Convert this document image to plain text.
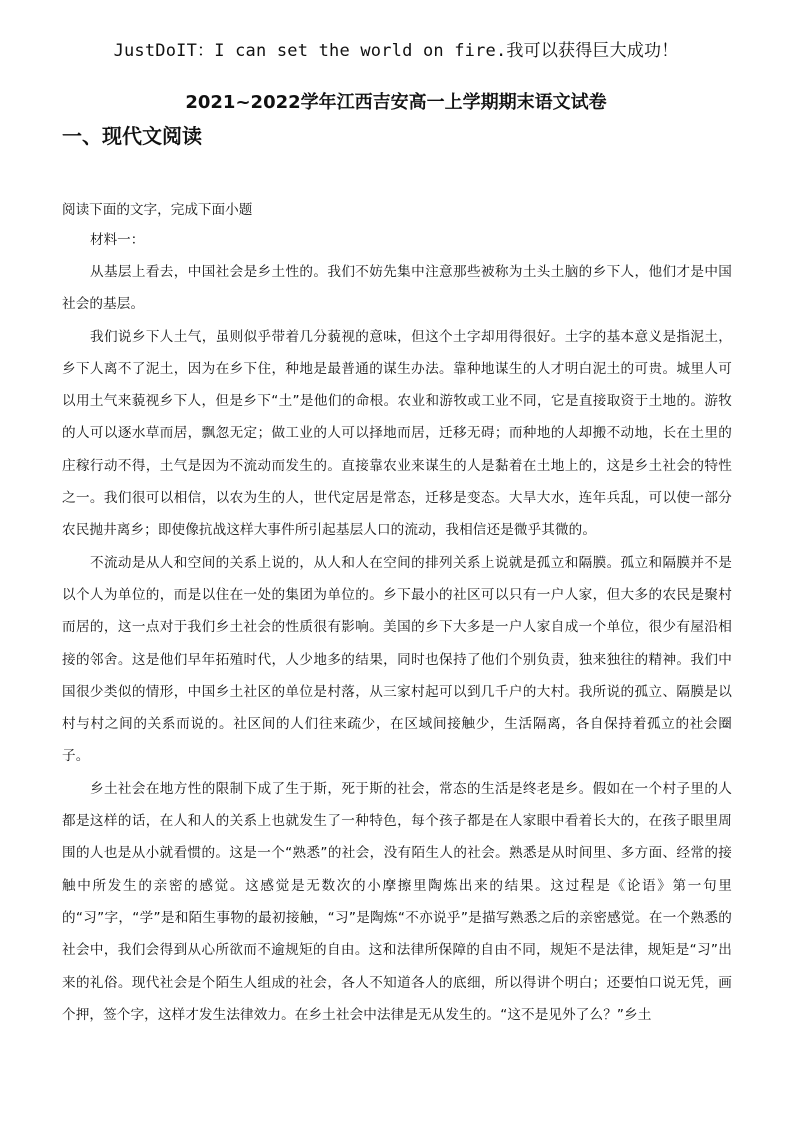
JustDoIT：I can set the world on fire.我可以获得巨大成功！
2021~2022学年江西吉安高一上学期期末语文试卷
一、现代文阅读

阅读下面的文字，完成下面小题

材料一：

从基层上看去，中国社会是乡土性的。我们不妨先集中注意那些被称为土头土脑的乡下人，他们才是中国社会的基层。

我们说乡下人土气，虽则似乎带着几分藐视的意味，但这个土字却用得很好。土字的基本意义是指泥土，乡下人离不了泥土，因为在乡下住，种地是最普通的谋生办法。靠种地谋生的人才明白泥土的可贵。城里人可以用土气来藐视乡下人，但是乡下“土”是他们的命根。农业和游牧或工业不同，它是直接取资于土地的。游牧的人可以逐水草而居，飘忽无定；做工业的人可以择地而居，迁移无碍；而种地的人却搬不动地，长在土里的庄稼行动不得，土气是因为不流动而发生的。直接靠农业来谋生的人是黏着在土地上的，这是乡土社会的特性之一。我们很可以相信，以农为生的人，世代定居是常态，迁移是变态。大旱大水，连年兵乱，可以使一部分农民抛井离乡；即使像抗战这样大事件所引起基层人口的流动，我相信还是微乎其微的。

不流动是从人和空间的关系上说的，从人和人在空间的排列关系上说就是孤立和隔膜。孤立和隔膜并不是以个人为单位的，而是以住在一处的集团为单位的。乡下最小的社区可以只有一户人家，但大多的农民是聚村而居的，这一点对于我们乡土社会的性质很有影响。美国的乡下大多是一户人家自成一个单位，很少有屋沿相接的邻舍。这是他们早年拓殖时代，人少地多的结果，同时也保持了他们个别负责，独来独往的精神。我们中国很少类似的情形，中国乡土社区的单位是村落，从三家村起可以到几千户的大村。我所说的孤立、隔膜是以村与村之间的关系而说的。社区间的人们往来疏少，在区域间接触少，生活隔离，各自保持着孤立的社会圈子。

乡土社会在地方性的限制下成了生于斯，死于斯的社会，常态的生活是终老是乡。假如在一个村子里的人都是这样的话，在人和人的关系上也就发生了一种特色，每个孩子都是在人家眼中看着长大的，在孩子眼里周围的人也是从小就看惯的。这是一个“熟悉”的社会，没有陌生人的社会。熟悉是从时间里、多方面、经常的接触中所发生的亲密的感觉。这感觉是无数次的小摩擦里陶炼出来的结果。这过程是《论语》第一句里的“习”字，“学”是和陌生事物的最初接触，“习”是陶炼“不亦说乎”是描写熟悉之后的亲密感觉。在一个熟悉的社会中，我们会得到从心所欲而不逾规矩的自由。这和法律所保障的自由不同，规矩不是法律，规矩是“习”出来的礼俗。现代社会是个陌生人组成的社会，各人不知道各人的底细，所以得讲个明白；还要怕口说无凭，画个押，签个字，这样才发生法律效力。在乡土社会中法律是无从发生的。“这不是见外了么？”乡土
